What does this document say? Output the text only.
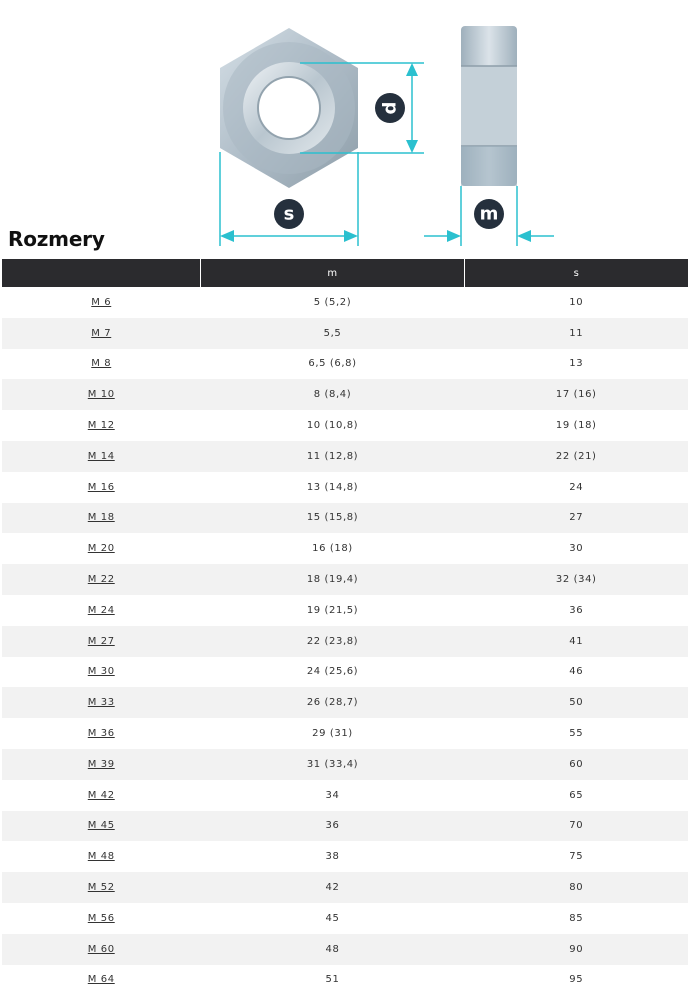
d
s	m
Rozmery
	m	s
M 6	5 (5,2)	10
M 7	5,5	11
M 8	6,5 (6,8)	13
M 10	8 (8,4)	17 (16)
M 12	10 (10,8)	19 (18)
M 14	11 (12,8)	22 (21)
M 16	13 (14,8)	24
M 18	15 (15,8)	27
M 20	16 (18)	30
M 22	18 (19,4)	32 (34)
M 24	19 (21,5)	36
M 27	22 (23,8)	41
M 30	24 (25,6)	46
M 33	26 (28,7)	50
M 36	29 (31)	55
M 39	31 (33,4)	60
M 42	34	65
M 45	36	70
M 48	38	75
M 52	42	80
M 56	45	85
M 60	48	90
M 64	51	95
